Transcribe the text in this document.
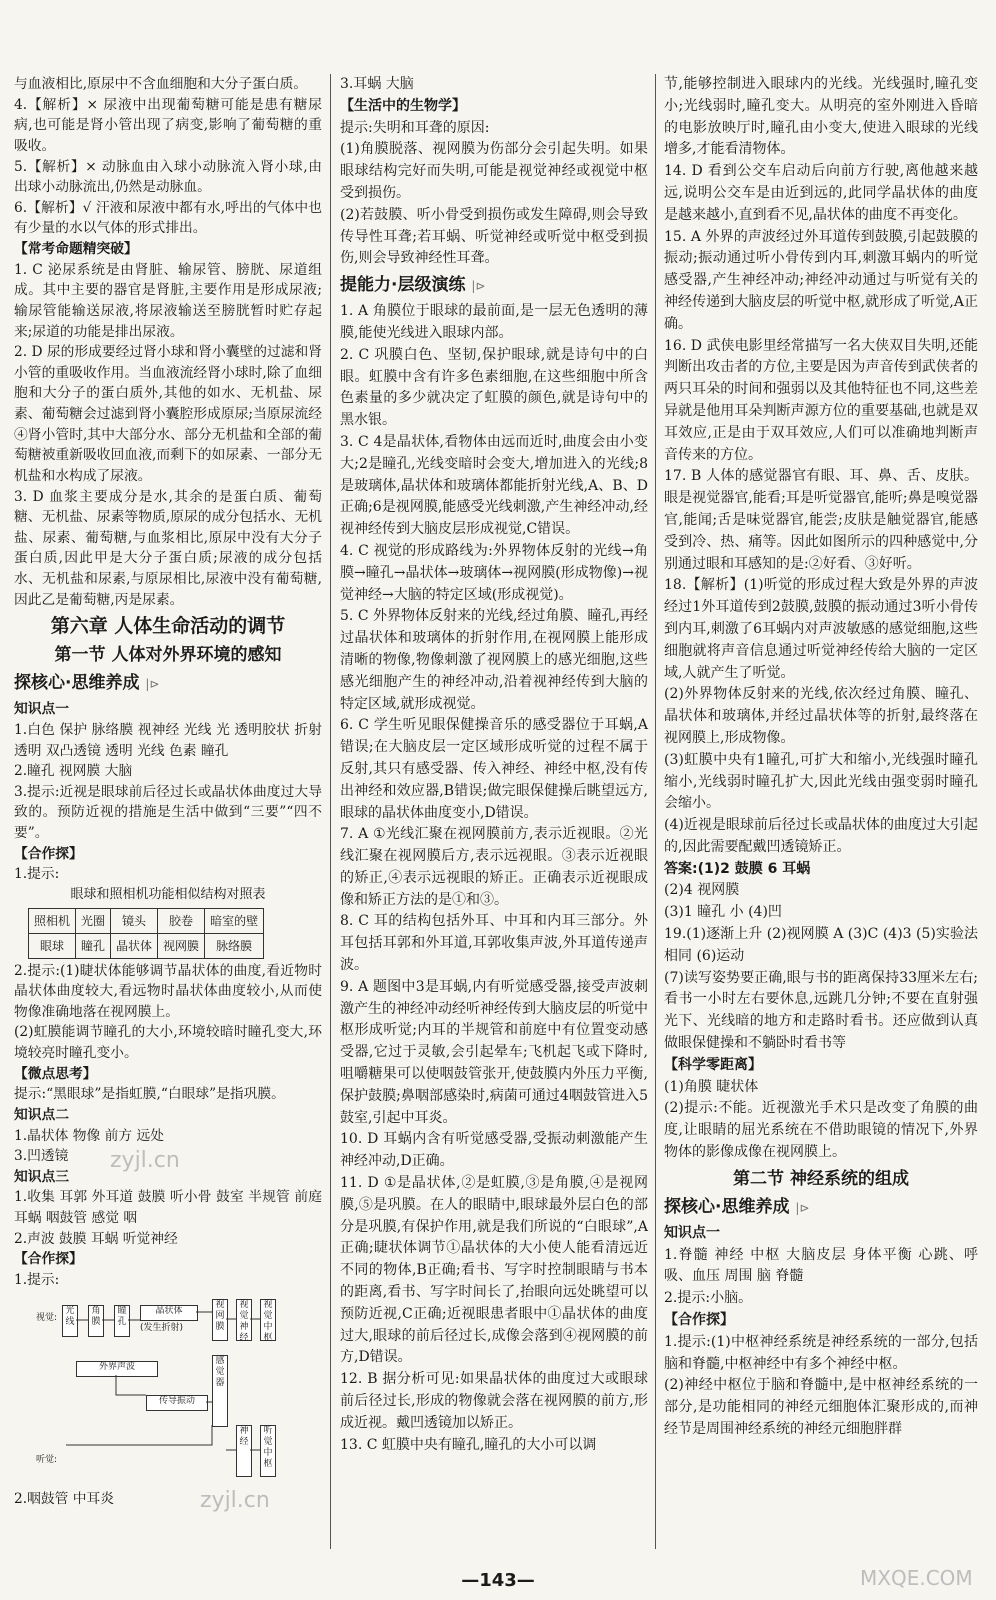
与血液相比,原尿中不含血细胞和大分子蛋白质。

4.【解析】× 尿液中出现葡萄糖可能是患有糖尿病,也可能是肾小管出现了病变,影响了葡萄糖的重吸收。

5.【解析】× 动脉血由入球小动脉流入肾小球,由出球小动脉流出,仍然是动脉血。

6.【解析】√ 汗液和尿液中都有水,呼出的气体中也有少量的水以气体的形式排出。

【常考命题精突破】

1. C 泌尿系统是由肾脏、输尿管、膀胱、尿道组成。其中主要的器官是肾脏,主要作用是形成尿液;输尿管能输送尿液,将尿液输送至膀胱暂时贮存起来;尿道的功能是排出尿液。

2. D 尿的形成要经过肾小球和肾小囊壁的过滤和肾小管的重吸收作用。当血液流经肾小球时,除了血细胞和大分子的蛋白质外,其他的如水、无机盐、尿素、葡萄糖会过滤到肾小囊腔形成原尿;当原尿流经④肾小管时,其中大部分水、部分无机盐和全部的葡萄糖被重新吸收回血液,而剩下的如尿素、一部分无机盐和水构成了尿液。

3. D 血浆主要成分是水,其余的是蛋白质、葡萄糖、无机盐、尿素等物质,原尿的成分包括水、无机盐、尿素、葡萄糖,与血浆相比,原尿中没有大分子蛋白质,因此甲是大分子蛋白质;尿液的成分包括水、无机盐和尿素,与原尿相比,尿液中没有葡萄糖,因此乙是葡萄糖,丙是尿素。

第六章 人体生命活动的调节

第一节 人体对外界环境的感知

探核心·思维养成 |⊳

知识点一

1.白色 保护 脉络膜 视神经 光线 光 透明胶状 折射 透明 双凸透镜 透明 光线 色素 瞳孔

2.瞳孔 视网膜 大脑

3.提示:近视是眼球前后径过长或晶状体曲度过大导致的。预防近视的措施是生活中做到“三要”“四不要”。

【合作探】

1.提示:

眼球和照相机功能相似结构对照表

照相机	光圈	镜头	胶卷	暗室的壁
眼球	瞳孔	晶状体	视网膜	脉络膜

2.提示:(1)睫状体能够调节晶状体的曲度,看近物时晶状体曲度较大,看远物时晶状体曲度较小,从而使物像准确地落在视网膜上。

(2)虹膜能调节瞳孔的大小,环境较暗时瞳孔变大,环境较亮时瞳孔变小。

【微点思考】

提示:“黑眼球”是指虹膜,“白眼球”是指巩膜。

知识点二

1.晶状体 物像 前方 远处

3.凹透镜

知识点三

1.收集 耳郭 外耳道 鼓膜 听小骨 鼓室 半规管 前庭 耳蜗 咽鼓管 感觉 咽

2.声波 鼓膜 耳蜗 听觉神经

【合作探】

1.提示:

视觉:
光线
角膜
瞳孔
晶状体
(发生折射)
视网膜
视觉神经
视觉中枢
外界声波
传导振动
感觉器
听觉:
神经
听觉中枢

2.咽鼓管 中耳炎

3.耳蜗 大脑

【生活中的生物学】

提示:失明和耳聋的原因:

(1)角膜脱落、视网膜为伤部分会引起失明。如果眼球结构完好而失明,可能是视觉神经或视觉中枢受到损伤。

(2)若鼓膜、听小骨受到损伤或发生障碍,则会导致传导性耳聋;若耳蜗、听觉神经或听觉中枢受到损伤,则会导致神经性耳聋。

提能力·层级演练 |⊳

1. A 角膜位于眼球的最前面,是一层无色透明的薄膜,能使光线进入眼球内部。

2. C 巩膜白色、坚韧,保护眼球,就是诗句中的白眼。虹膜中含有许多色素细胞,在这些细胞中所含色素量的多少就决定了虹膜的颜色,就是诗句中的黑水银。

3. C 4是晶状体,看物体由远而近时,曲度会由小变大;2是瞳孔,光线变暗时会变大,增加进入的光线;8是玻璃体,晶状体和玻璃体都能折射光线,A、B、D正确;6是视网膜,能感受光线刺激,产生神经冲动,经视神经传到大脑皮层形成视觉,C错误。

4. C 视觉的形成路线为:外界物体反射的光线→角膜→瞳孔→晶状体→玻璃体→视网膜(形成物像)→视觉神经→大脑的特定区域(形成视觉)。

5. C 外界物体反射来的光线,经过角膜、瞳孔,再经过晶状体和玻璃体的折射作用,在视网膜上能形成清晰的物像,物像刺激了视网膜上的感光细胞,这些感光细胞产生的神经冲动,沿着视神经传到大脑的特定区域,就形成视觉。

6. C 学生听见眼保健操音乐的感受器位于耳蜗,A错误;在大脑皮层一定区域形成听觉的过程不属于反射,其只有感受器、传入神经、神经中枢,没有传出神经和效应器,B错误;做完眼保健操后眺望远方,眼球的晶状体曲度变小,D错误。

7. A ①光线汇聚在视网膜前方,表示近视眼。②光线汇聚在视网膜后方,表示远视眼。③表示近视眼的矫正,④表示远视眼的矫正。正确表示近视眼成像和矫正方法的是①和③。

8. C 耳的结构包括外耳、中耳和内耳三部分。外耳包括耳郭和外耳道,耳郭收集声波,外耳道传递声波。

9. A 题图中3是耳蜗,内有听觉感受器,接受声波刺激产生的神经冲动经听神经传到大脑皮层的听觉中枢形成听觉;内耳的半规管和前庭中有位置变动感受器,它过于灵敏,会引起晕车;飞机起飞或下降时,咀嚼糖果可以使咽鼓管张开,使鼓膜内外压力平衡,保护鼓膜;鼻咽部感染时,病菌可通过4咽鼓管进入5鼓室,引起中耳炎。

10. D 耳蜗内含有听觉感受器,受振动刺激能产生神经冲动,D正确。

11. D ①是晶状体,②是虹膜,③是角膜,④是视网膜,⑤是巩膜。在人的眼睛中,眼球最外层白色的部分是巩膜,有保护作用,就是我们所说的“白眼球”,A正确;睫状体调节①晶状体的大小使人能看清远近不同的物体,B正确;看书、写字时控制眼睛与书本的距离,看书、写字时间长了,抬眼向远处眺望可以预防近视,C正确;近视眼患者眼中①晶状体的曲度过大,眼球的前后径过长,成像会落到④视网膜的前方,D错误。

12. B 据分析可见:如果晶状体的曲度过大或眼球前后径过长,形成的物像就会落在视网膜的前方,形成近视。戴凹透镜加以矫正。

13. C 虹膜中央有瞳孔,瞳孔的大小可以调

节,能够控制进入眼球内的光线。光线强时,瞳孔变小;光线弱时,瞳孔变大。从明亮的室外刚进入昏暗的电影放映厅时,瞳孔由小变大,使进入眼球的光线增多,才能看清物体。

14. D 看到公交车启动后向前方行驶,离他越来越远,说明公交车是由近到远的,此同学晶状体的曲度是越来越小,直到看不见,晶状体的曲度不再变化。

15. A 外界的声波经过外耳道传到鼓膜,引起鼓膜的振动;振动通过听小骨传到内耳,刺激耳蜗内的听觉感受器,产生神经冲动;神经冲动通过与听觉有关的神经传递到大脑皮层的听觉中枢,就形成了听觉,A正确。

16. D 武侠电影里经常描写一名大侠双目失明,还能判断出攻击者的方位,主要是因为声音传到武侠者的两只耳朵的时间和强弱以及其他特征也不同,这些差异就是他用耳朵判断声源方位的重要基础,也就是双耳效应,正是由于双耳效应,人们可以准确地判断声音传来的方位。

17. B 人体的感觉器官有眼、耳、鼻、舌、皮肤。眼是视觉器官,能看;耳是听觉器官,能听;鼻是嗅觉器官,能闻;舌是味觉器官,能尝;皮肤是触觉器官,能感受到冷、热、痛等。因此如图所示的四种感觉中,分别通过眼和耳感知的是:②好看、③好听。

18.【解析】(1)听觉的形成过程大致是外界的声波经过1外耳道传到2鼓膜,鼓膜的振动通过3听小骨传到内耳,刺激了6耳蜗内对声波敏感的感觉细胞,这些细胞就将声音信息通过听觉神经传给大脑的一定区域,人就产生了听觉。

(2)外界物体反射来的光线,依次经过角膜、瞳孔、晶状体和玻璃体,并经过晶状体等的折射,最终落在视网膜上,形成物像。

(3)虹膜中央有1瞳孔,可扩大和缩小,光线强时瞳孔缩小,光线弱时瞳孔扩大,因此光线由强变弱时瞳孔会缩小。

(4)近视是眼球前后径过长或晶状体的曲度过大引起的,因此需要配戴凹透镜矫正。

答案:(1)2 鼓膜 6 耳蜗

(2)4 视网膜

(3)1 瞳孔 小 (4)凹

19.(1)逐渐上升 (2)视网膜 A (3)C (4)3 (5)实验法 相同 (6)运动

(7)读写姿势要正确,眼与书的距离保持33厘米左右;看书一小时左右要休息,远跳几分钟;不要在直射强光下、光线暗的地方和走路时看书。还应做到认真做眼保健操和不躺卧时看书等

【科学零距离】

(1)角膜 睫状体

(2)提示:不能。近视激光手术只是改变了角膜的曲度,让眼睛的屈光系统在不借助眼镜的情况下,外界物体的影像成像在视网膜上。

第二节 神经系统的组成

探核心·思维养成 |⊳

知识点一

1.脊髓 神经 中枢 大脑皮层 身体平衡 心跳、呼吸、血压 周围 脑 脊髓

2.提示:小脑。

【合作探】

1.提示:(1)中枢神经系统是神经系统的一部分,包括脑和脊髓,中枢神经中有多个神经中枢。

(2)神经中枢位于脑和脊髓中,是中枢神经系统的一部分,是功能相同的神经元细胞体汇聚形成的,而神经节是周围神经系统的神经元细胞胖群

zyjl.cn
zyjl.cn
MXQE.COM
—143—
